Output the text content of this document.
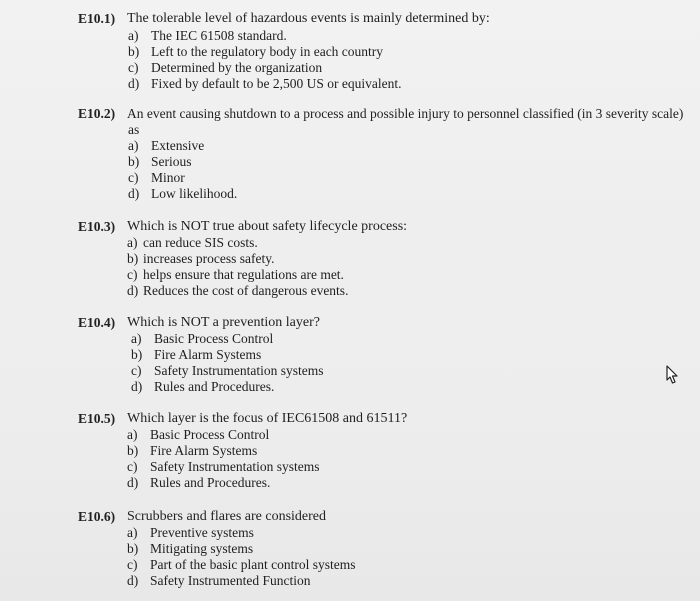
E10.1) The tolerable level of hazardous events is mainly determined by:
a) The IEC 61508 standard.
b) Left to the regulatory body in each country
c) Determined by the organization
d) Fixed by default to be 2,500 US or equivalent.
E10.2) An event causing shutdown to a process and possible injury to personnel classified (in 3 severity scale)
as
a) Extensive
b) Serious
c) Minor
d) Low likelihood.
E10.3) Which is NOT true about safety lifecycle process:
a) can reduce SIS costs.
b) increases process safety.
c) helps ensure that regulations are met.
d) Reduces the cost of dangerous events.
E10.4) Which is NOT a prevention layer?
a) Basic Process Control
b) Fire Alarm Systems
c) Safety Instrumentation systems
d) Rules and Procedures.
E10.5) Which layer is the focus of IEC61508 and 61511?
a) Basic Process Control
b) Fire Alarm Systems
c) Safety Instrumentation systems
d) Rules and Procedures.
E10.6) Scrubbers and flares are considered
a) Preventive systems
b) Mitigating systems
c) Part of the basic plant control systems
d) Safety Instrumented Function
